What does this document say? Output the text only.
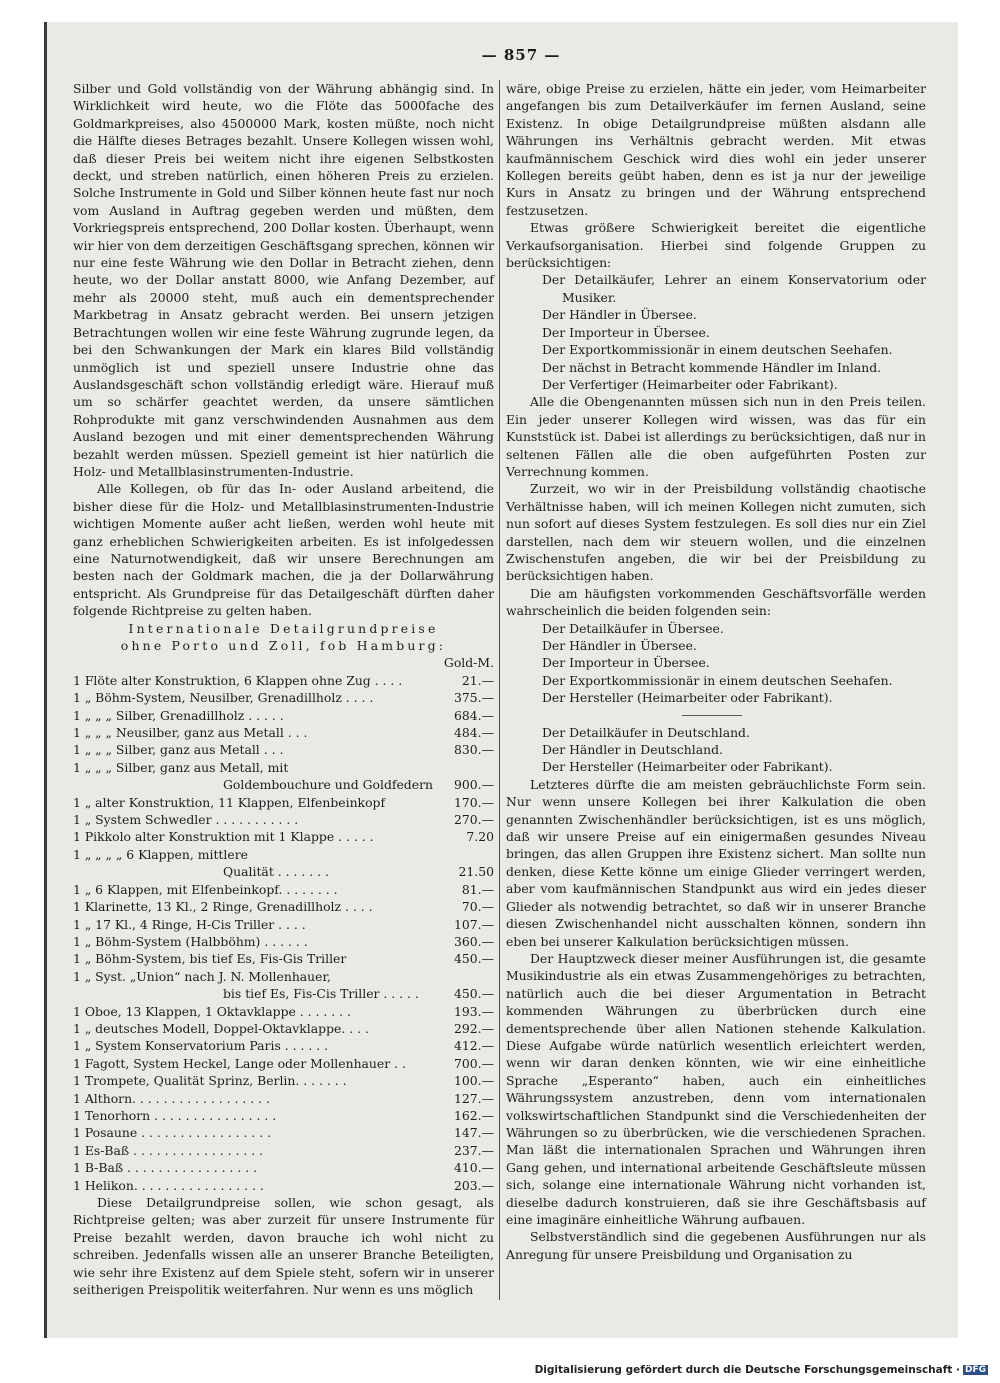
— 857 —

Silber und Gold vollständig von der Währung abhängig sind. In Wirklichkeit wird heute, wo die Flöte das 5000fache des Goldmarkpreises, also 4500000 Mark, kosten müßte, noch nicht die Hälfte dieses Betrages bezahlt. Unsere Kollegen wissen wohl, daß dieser Preis bei weitem nicht ihre eigenen Selbstkosten deckt, und streben natürlich, einen höheren Preis zu erzielen. Solche Instrumente in Gold und Silber können heute fast nur noch vom Ausland in Auftrag gegeben werden und müßten, dem Vorkriegspreis entsprechend, 200 Dollar kosten. Überhaupt, wenn wir hier von dem derzeitigen Geschäftsgang sprechen, können wir nur eine feste Währung wie den Dollar in Betracht ziehen, denn heute, wo der Dollar anstatt 8000, wie Anfang Dezember, auf mehr als 20000 steht, muß auch ein dementsprechender Markbetrag in Ansatz gebracht werden. Bei unsern jetzigen Betrachtungen wollen wir eine feste Währung zugrunde legen, da bei den Schwankungen der Mark ein klares Bild vollständig unmöglich ist und speziell unsere Industrie ohne das Auslandsgeschäft schon vollständig erledigt wäre. Hierauf muß um so schärfer geachtet werden, da unsere sämtlichen Rohprodukte mit ganz verschwindenden Ausnahmen aus dem Ausland bezogen und mit einer dementsprechenden Währung bezahlt werden müssen. Speziell gemeint ist hier natürlich die Holz- und Metallblasinstrumenten-Industrie.

Alle Kollegen, ob für das In- oder Ausland arbeitend, die bisher diese für die Holz- und Metallblasinstrumenten-Industrie wichtigen Momente außer acht ließen, werden wohl heute mit ganz erheblichen Schwierigkeiten arbeiten. Es ist infolgedessen eine Naturnotwendigkeit, daß wir unsere Berechnungen am besten nach der Goldmark machen, die ja der Dollarwährung entspricht. Als Grundpreise für das Detailgeschäft dürften daher folgende Richtpreise zu gelten haben.

Internationale Detailgrundpreise

ohne Porto und Zoll, fob Hamburg:

Gold-M.

1 Flöte alter Konstruktion, 6 Klappen ohne Zug . . . .	21.—
1 „ Böhm-System, Neusilber, Grenadillholz . . . .	375.—
1 „ „ „ Silber, Grenadillholz . . . . .	684.—
1 „ „ „ Neusilber, ganz aus Metall . . .	484.—
1 „ „ „ Silber, ganz aus Metall . . .	830.—
1 „ „ „ Silber, ganz aus Metall, mit	
Goldembouchure und Goldfedern	900.—
1 „ alter Konstruktion, 11 Klappen, Elfenbeinkopf	170.—
1 „ System Schwedler . . . . . . . . . . .	270.—
1 Pikkolo alter Konstruktion mit 1 Klappe . . . . .	7.20
1 „ „ „ „ 6 Klappen, mittlere	
Qualität . . . . . . .	21.50
1 „ 6 Klappen, mit Elfenbeinkopf. . . . . . . .	81.—
1 Klarinette, 13 Kl., 2 Ringe, Grenadillholz . . . .	70.—
1 „ 17 Kl., 4 Ringe, H-Cis Triller . . . .	107.—
1 „ Böhm-System (Halbböhm) . . . . . .	360.—
1 „ Böhm-System, bis tief Es, Fis-Gis Triller	450.—
1 „ Syst. „Union“ nach J. N. Mollenhauer,	
bis tief Es, Fis-Cis Triller . . . . .	450.—
1 Oboe, 13 Klappen, 1 Oktavklappe . . . . . . .	193.—
1 „ deutsches Modell, Doppel-Oktavklappe. . . .	292.—
1 „ System Konservatorium Paris . . . . . .	412.—
1 Fagott, System Heckel, Lange oder Mollenhauer . .	700.—
1 Trompete, Qualität Sprinz, Berlin. . . . . . .	100.—
1 Althorn. . . . . . . . . . . . . . . . . .	127.—
1 Tenorhorn . . . . . . . . . . . . . . . .	162.—
1 Posaune . . . . . . . . . . . . . . . . .	147.—
1 Es-Baß . . . . . . . . . . . . . . . . .	237.—
1 B-Baß . . . . . . . . . . . . . . . . .	410.—
1 Helikon. . . . . . . . . . . . . . . . .	203.—

Diese Detailgrundpreise sollen, wie schon gesagt, als Richtpreise gelten; was aber zurzeit für unsere Instrumente für Preise bezahlt werden, davon brauche ich wohl nicht zu schreiben. Jedenfalls wissen alle an unserer Branche Beteiligten, wie sehr ihre Existenz auf dem Spiele steht, sofern wir in unserer seitherigen Preispolitik weiterfahren. Nur wenn es uns möglich

wäre, obige Preise zu erzielen, hätte ein jeder, vom Heimarbeiter angefangen bis zum Detailverkäufer im fernen Ausland, seine Existenz. In obige Detailgrundpreise müßten alsdann alle Währungen ins Verhältnis gebracht werden. Mit etwas kaufmännischem Geschick wird dies wohl ein jeder unserer Kollegen bereits geübt haben, denn es ist ja nur der jeweilige Kurs in Ansatz zu bringen und der Währung entsprechend festzusetzen.

Etwas größere Schwierigkeit bereitet die eigentliche Verkaufsorganisation. Hierbei sind folgende Gruppen zu berücksichtigen:

Der Detailkäufer, Lehrer an einem Konservatorium oder Musiker.

Der Händler in Übersee.

Der Importeur in Übersee.

Der Exportkommissionär in einem deutschen Seehafen.

Der nächst in Betracht kommende Händler im Inland.

Der Verfertiger (Heimarbeiter oder Fabrikant).

Alle die Obengenannten müssen sich nun in den Preis teilen. Ein jeder unserer Kollegen wird wissen, was das für ein Kunststück ist. Dabei ist allerdings zu berücksichtigen, daß nur in seltenen Fällen alle die oben aufgeführten Posten zur Verrechnung kommen.

Zurzeit, wo wir in der Preisbildung vollständig chaotische Verhältnisse haben, will ich meinen Kollegen nicht zumuten, sich nun sofort auf dieses System festzulegen. Es soll dies nur ein Ziel darstellen, nach dem wir steuern wollen, und die einzelnen Zwischenstufen angeben, die wir bei der Preisbildung zu berücksichtigen haben.

Die am häufigsten vorkommenden Geschäftsvorfälle werden wahrscheinlich die beiden folgenden sein:

Der Detailkäufer in Übersee.

Der Händler in Übersee.

Der Importeur in Übersee.

Der Exportkommissionär in einem deutschen Seehafen.

Der Hersteller (Heimarbeiter oder Fabrikant).

Der Detailkäufer in Deutschland.

Der Händler in Deutschland.

Der Hersteller (Heimarbeiter oder Fabrikant).

Letzteres dürfte die am meisten gebräuchlichste Form sein. Nur wenn unsere Kollegen bei ihrer Kalkulation die oben genannten Zwischenhändler berücksichtigen, ist es uns möglich, daß wir unsere Preise auf ein einigermaßen gesundes Niveau bringen, das allen Gruppen ihre Existenz sichert. Man sollte nun denken, diese Kette könne um einige Glieder verringert werden, aber vom kaufmännischen Standpunkt aus wird ein jedes dieser Glieder als notwendig betrachtet, so daß wir in unserer Branche diesen Zwischenhandel nicht ausschalten können, sondern ihn eben bei unserer Kalkulation berücksichtigen müssen.

Der Hauptzweck dieser meiner Ausführungen ist, die gesamte Musikindustrie als ein etwas Zusammengehöriges zu betrachten, natürlich auch die bei dieser Argumentation in Betracht kommenden Währungen zu überbrücken durch eine dementsprechende über allen Nationen stehende Kalkulation. Diese Aufgabe würde natürlich wesentlich erleichtert werden, wenn wir daran denken könnten, wie wir eine einheitliche Sprache „Esperanto“ haben, auch ein einheitliches Währungssystem anzustreben, denn vom internationalen volkswirtschaftlichen Standpunkt sind die Verschiedenheiten der Währungen so zu überbrücken, wie die verschiedenen Sprachen. Man läßt die internationalen Sprachen und Währungen ihren Gang gehen, und international arbeitende Geschäftsleute müssen sich, solange eine internationale Währung nicht vorhanden ist, dieselbe dadurch konstruieren, daß sie ihre Geschäftsbasis auf eine imaginäre einheitliche Währung aufbauen.

Selbstverständlich sind die gegebenen Ausführungen nur als Anregung für unsere Preisbildung und Organisation zu

Digitalisierung gefördert durch die Deutsche Forschungsgemeinschaft · DFG
